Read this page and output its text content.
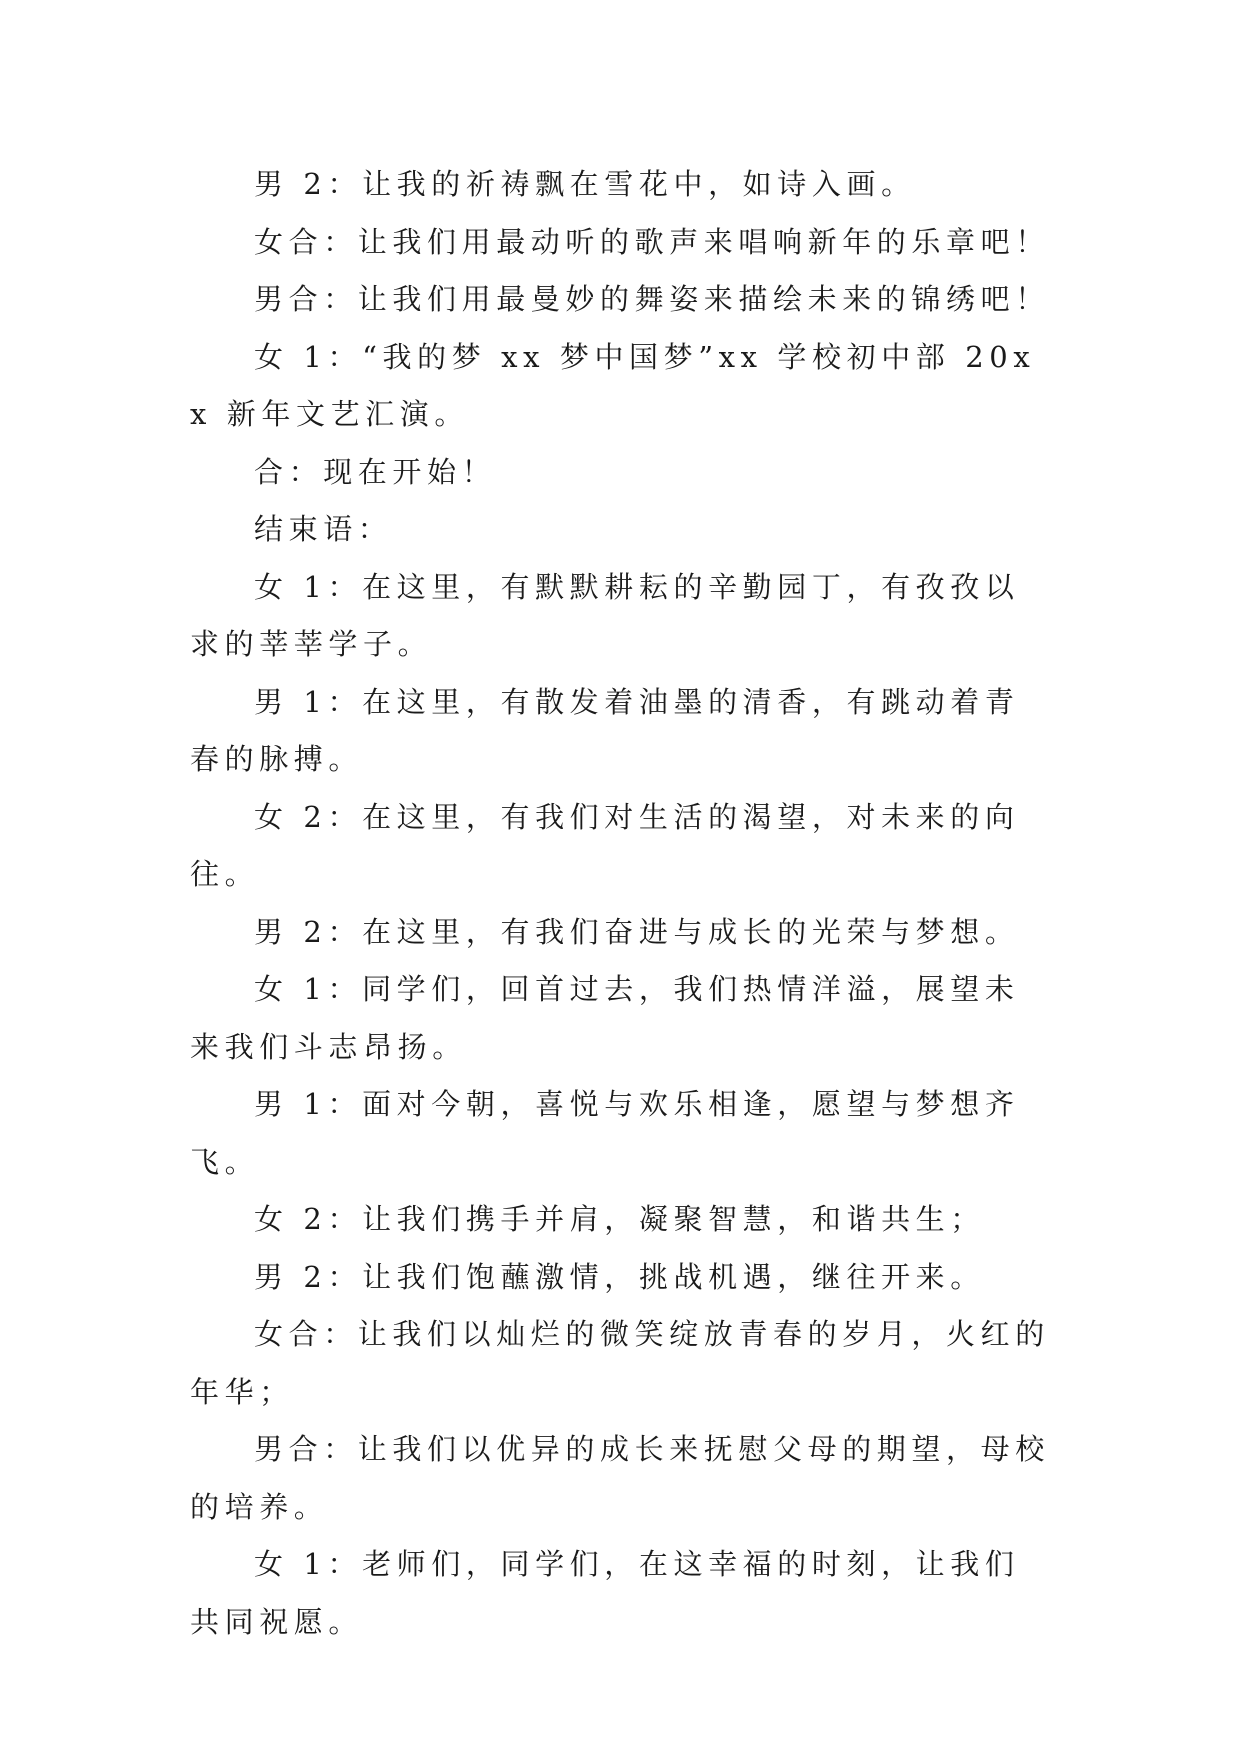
男 2：让我的祈祷飘在雪花中，如诗入画。

女合：让我们用最动听的歌声来唱响新年的乐章吧！

男合：让我们用最曼妙的舞姿来描绘未来的锦绣吧！

女 1：“我的梦 xx 梦中国梦”xx 学校初中部 20xx 新年文艺汇演。

合：现在开始！

结束语：

女 1：在这里，有默默耕耘的辛勤园丁，有孜孜以求的莘莘学子。

男 1：在这里，有散发着油墨的清香，有跳动着青春的脉搏。

女 2：在这里，有我们对生活的渴望，对未来的向往。

男 2：在这里，有我们奋进与成长的光荣与梦想。

女 1：同学们，回首过去，我们热情洋溢，展望未来我们斗志昂扬。

男 1：面对今朝，喜悦与欢乐相逢，愿望与梦想齐飞。

女 2：让我们携手并肩，凝聚智慧，和谐共生；

男 2：让我们饱蘸激情，挑战机遇，继往开来。

女合：让我们以灿烂的微笑绽放青春的岁月，火红的年华；

男合：让我们以优异的成长来抚慰父母的期望，母校的培养。

女 1：老师们，同学们，在这幸福的时刻，让我们共同祝愿。
